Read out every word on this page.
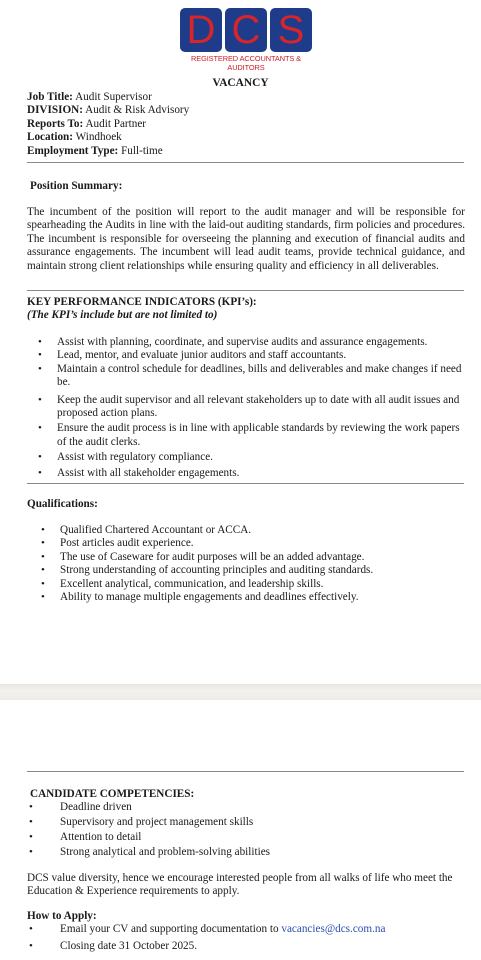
D C S
REGISTERED ACCOUNTANTS & AUDITORS
VACANCY
Job Title: Audit Supervisor
DIVISION: Audit & Risk Advisory
Reports To: Audit Partner
Location: Windhoek
Employment Type: Full-time
Position Summary:
The incumbent of the position will report to the audit manager and will be responsible for spearheading the Audits in line with the laid-out auditing standards, firm policies and procedures. The incumbent is responsible for overseeing the planning and execution of financial audits and assurance engagements. The incumbent will lead audit teams, provide technical guidance, and maintain strong client relationships while ensuring quality and efficiency in all deliverables.
KEY PERFORMANCE INDICATORS (KPI’s):
(The KPI’s include but are not limited to)
• Assist with planning, coordinate, and supervise audits and assurance engagements.
• Lead, mentor, and evaluate junior auditors and staff accountants.
• Maintain a control schedule for deadlines, bills and deliverables and make changes if need be.
• Keep the audit supervisor and all relevant stakeholders up to date with all audit issues and proposed action plans.
• Ensure the audit process is in line with applicable standards by reviewing the work papers of the audit clerks.
• Assist with regulatory compliance.
• Assist with all stakeholder engagements.
Qualifications:
• Qualified Chartered Accountant or ACCA.
• Post articles audit experience.
• The use of Caseware for audit purposes will be an added advantage.
• Strong understanding of accounting principles and auditing standards.
• Excellent analytical, communication, and leadership skills.
• Ability to manage multiple engagements and deadlines effectively.
CANDIDATE COMPETENCIES:
• Deadline driven
• Supervisory and project management skills
• Attention to detail
• Strong analytical and problem-solving abilities
DCS value diversity, hence we encourage interested people from all walks of life who meet the Education & Experience requirements to apply.
How to Apply:
• Email your CV and supporting documentation to vacancies@dcs.com.na
• Closing date 31 October 2025.
